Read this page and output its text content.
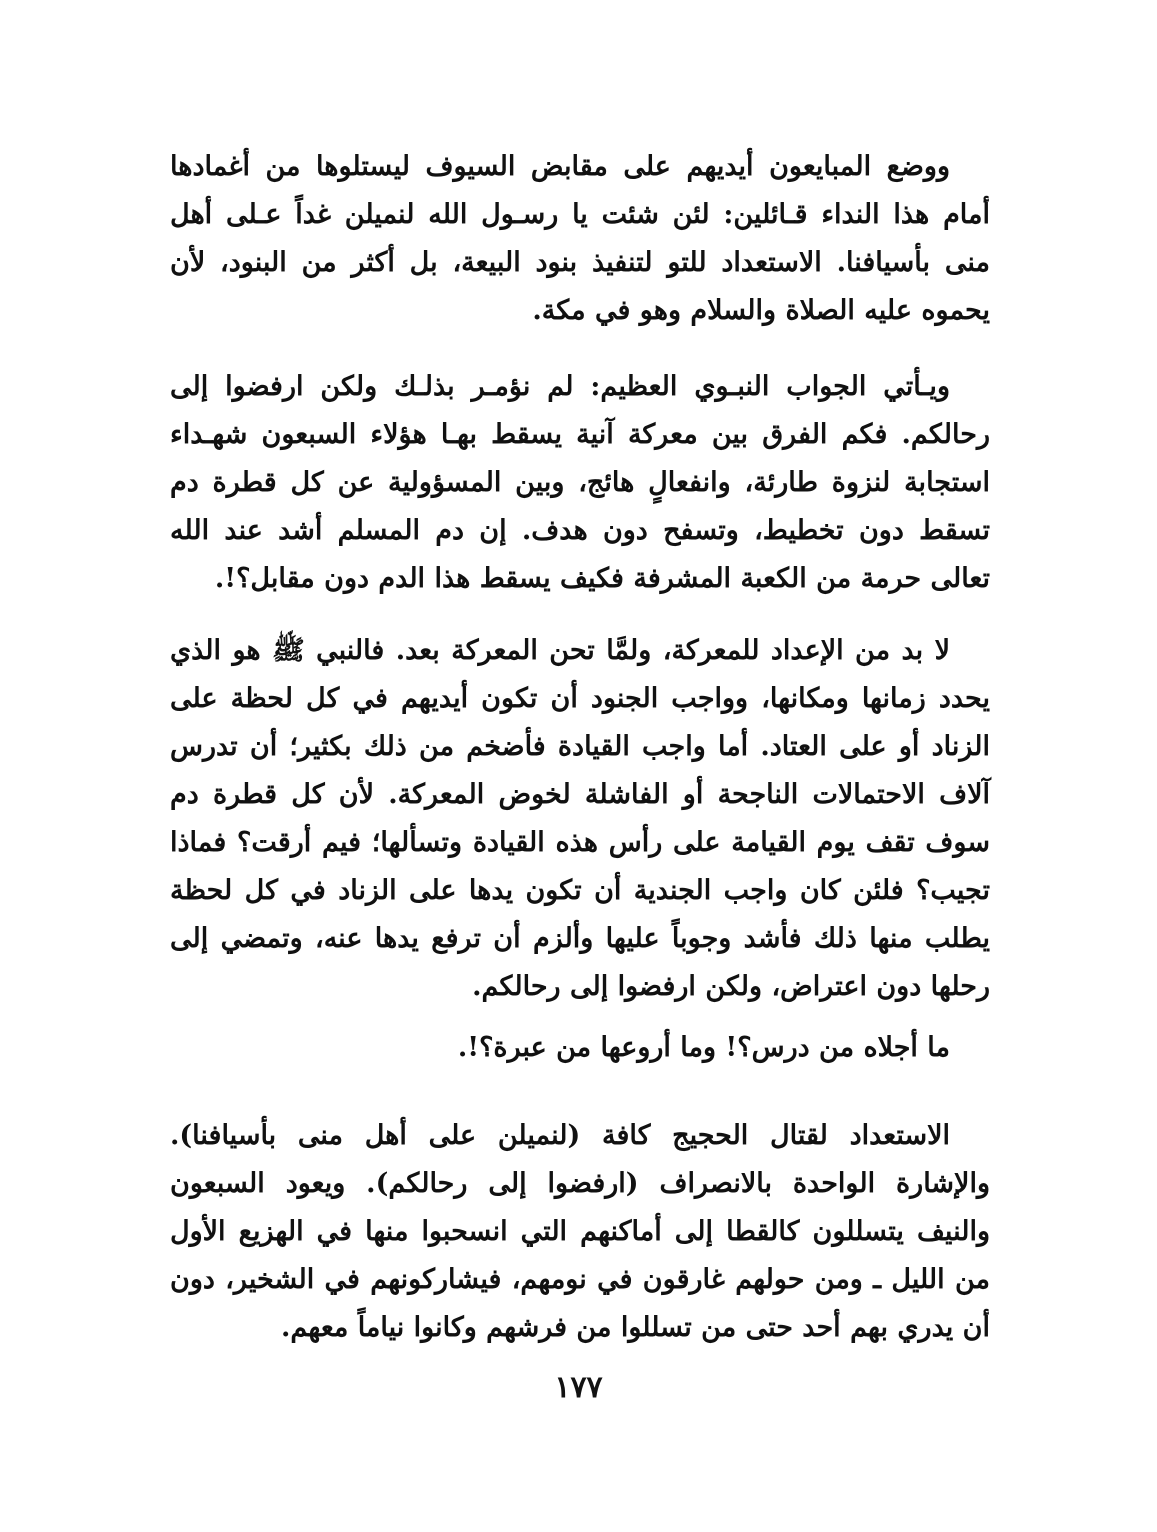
ووضع المبايعون أيديهم على مقابض السيوف ليستلوها من أغمادها أمام هذا النداء قـائلين: لئن شئت يا رسـول الله لنميلن غداً عـلى أهل منى بأسيافنا. الاستعداد للتو لتنفيذ بنود البيعة، بل أكثر من البنود، لأن يحموه عليه الصلاة والسلام وهو في مكة.

ويـأتي الجواب النبـوي العظيم: لم نؤمـر بذلـك ولكن ارفضوا إلى رحالكم. فكم الفرق بين معركة آنية يسقط بهـا هؤلاء السبعون شهـداء استجابة لنزوة طارئة، وانفعالٍ هائج، وبين المسؤولية عن كل قطرة دم تسقط دون تخطيط، وتسفح دون هدف. إن دم المسلم أشد عند الله تعالى حرمة من الكعبة المشرفة فكيف يسقط هذا الدم دون مقابل؟!.

لا بد من الإعداد للمعركة، ولمَّا تحن المعركة بعد. فالنبي ﷺ هو الذي يحدد زمانها ومكانها، وواجب الجنود أن تكون أيديهم في كل لحظة على الزناد أو على العتاد. أما واجب القيادة فأضخم من ذلك بكثير؛ أن تدرس آلاف الاحتمالات الناجحة أو الفاشلة لخوض المعركة. لأن كل قطرة دم سوف تقف يوم القيامة على رأس هذه القيادة وتسألها؛ فيم أرقت؟ فماذا تجيب؟ فلئن كان واجب الجندية أن تكون يدها على الزناد في كل لحظة يطلب منها ذلك فأشد وجوباً عليها وألزم أن ترفع يدها عنه، وتمضي إلى رحلها دون اعتراض، ولكن ارفضوا إلى رحالكم.

ما أجلاه من درس؟! وما أروعها من عبرة؟!.

الاستعداد لقتال الحجيج كافة (لنميلن على أهل منى بأسيافنا). والإشارة الواحدة بالانصراف (ارفضوا إلى رحالكم). ويعود السبعون والنيف يتسللون كالقطا إلى أماكنهم التي انسحبوا منها في الهزيع الأول من الليل ـ ومن حولهم غارقون في نومهم، فيشاركونهم في الشخير، دون أن يدري بهم أحد حتى من تسللوا من فرشهم وكانوا نياماً معهم.

١٧٧
